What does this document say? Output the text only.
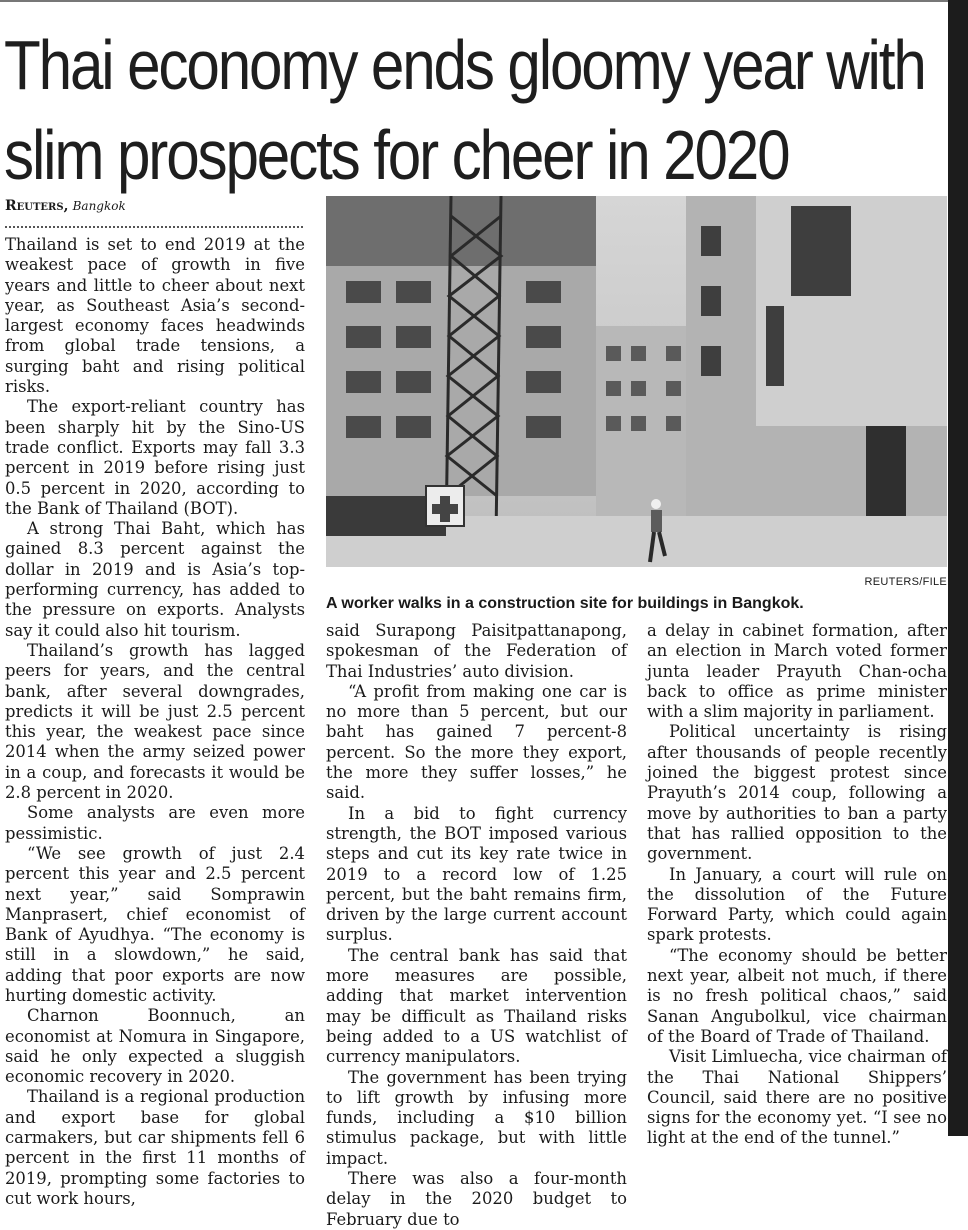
Thai economy ends gloomy year with
slim prospects for cheer in 2020
Reuters, Bangkok

Thailand is set to end 2019 at the weakest pace of growth in five years and little to cheer about next year, as Southeast Asia’s second-largest economy faces headwinds from global trade tensions, a surging baht and rising political risks.

The export-reliant country has been sharply hit by the Sino-US trade conflict. Exports may fall 3.3 percent in 2019 before rising just 0.5 percent in 2020, according to the Bank of Thailand (BOT).

A strong Thai Baht, which has gained 8.3 percent against the dollar in 2019 and is Asia’s top-performing currency, has added to the pressure on exports. Analysts say it could also hit tourism.

Thailand’s growth has lagged peers for years, and the central bank, after several downgrades, predicts it will be just 2.5 percent this year, the weakest pace since 2014 when the army seized power in a coup, and forecasts it would be 2.8 percent in 2020.

Some analysts are even more pessimistic.

“We see growth of just 2.4 percent this year and 2.5 percent next year,” said Somprawin Manprasert, chief economist of Bank of Ayudhya. “The economy is still in a slowdown,” he said, adding that poor exports are now hurting domestic activity.

Charnon Boonnuch, an economist at Nomura in Singapore, said he only expected a sluggish economic recovery in 2020.

Thailand is a regional production and export base for global carmakers, but car shipments fell 6 percent in the first 11 months of 2019, prompting some factories to cut work hours,

REUTERS/FILE
A worker walks in a construction site for buildings in Bangkok.

said Surapong Paisitpattanapong, spokesman of the Federation of Thai Industries’ auto division.

“A profit from making one car is no more than 5 percent, but our baht has gained 7 percent-8 percent. So the more they export, the more they suffer losses,” he said.

In a bid to fight currency strength, the BOT imposed various steps and cut its key rate twice in 2019 to a record low of 1.25 percent, but the baht remains firm, driven by the large current account surplus.

The central bank has said that more measures are possible, adding that market intervention may be difficult as Thailand risks being added to a US watchlist of currency manipulators.

The government has been trying to lift growth by infusing more funds, including a $10 billion stimulus package, but with little impact.

There was also a four-month delay in the 2020 budget to February due to

a delay in cabinet formation, after an election in March voted former junta leader Prayuth Chan-ocha back to office as prime minister with a slim majority in parliament.

Political uncertainty is rising after thousands of people recently joined the biggest protest since Prayuth’s 2014 coup, following a move by authorities to ban a party that has rallied opposition to the government.

In January, a court will rule on the dissolution of the Future Forward Party, which could again spark protests.

“The economy should be better next year, albeit not much, if there is no fresh political chaos,” said Sanan Angubolkul, vice chairman of the Board of Trade of Thailand.

Visit Limluecha, vice chairman of the Thai National Shippers’ Council, said there are no positive signs for the economy yet. “I see no light at the end of the tunnel.”
